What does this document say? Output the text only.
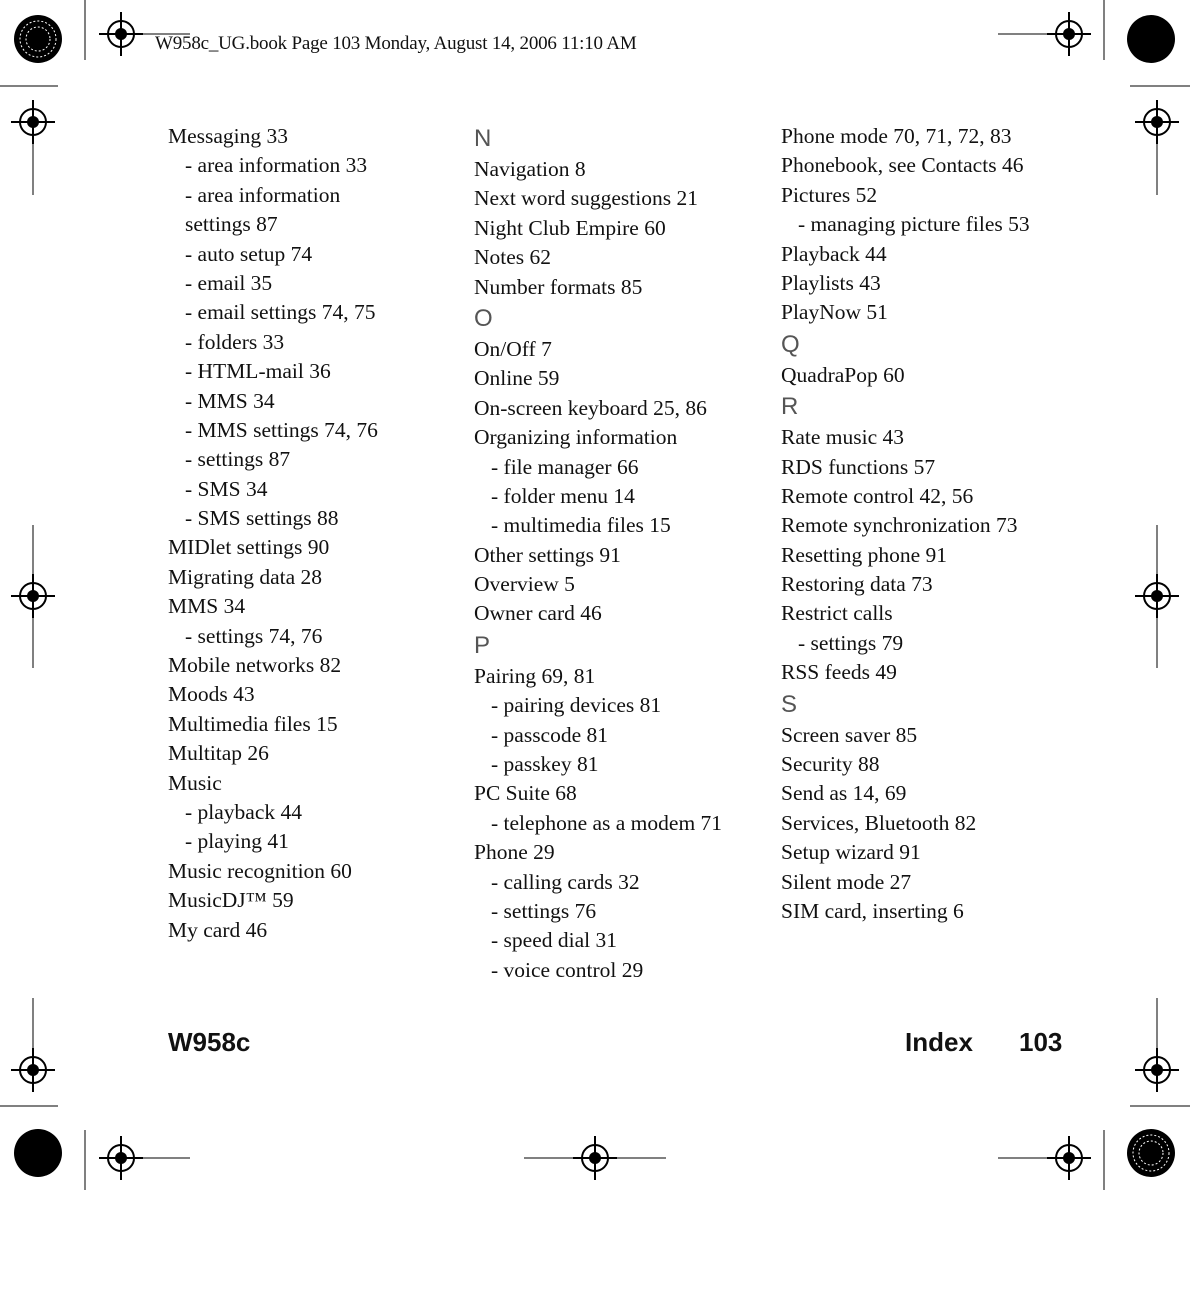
W958c_UG.book Page 103 Monday, August 14, 2006 11:10 AM
Messaging 33
- area information 33
- area information
settings 87
- auto setup 74
- email 35
- email settings 74, 75
- folders 33
- HTML-mail 36
- MMS 34
- MMS settings 74, 76
- settings 87
- SMS 34
- SMS settings 88
MIDlet settings 90
Migrating data 28
MMS 34
- settings 74, 76
Mobile networks 82
Moods 43
Multimedia files 15
Multitap 26
Music
- playback 44
- playing 41
Music recognition 60
MusicDJ™ 59
My card 46
N
Navigation 8
Next word suggestions 21
Night Club Empire 60
Notes 62
Number formats 85
O
On/Off 7
Online 59
On-screen keyboard 25, 86
Organizing information
- file manager 66
- folder menu 14
- multimedia files 15
Other settings 91
Overview 5
Owner card 46
P
Pairing 69, 81
- pairing devices 81
- passcode 81
- passkey 81
PC Suite 68
- telephone as a modem 71
Phone 29
- calling cards 32
- settings 76
- speed dial 31
- voice control 29
Phone mode 70, 71, 72, 83
Phonebook, see Contacts 46
Pictures 52
- managing picture files 53
Playback 44
Playlists 43
PlayNow 51
Q
QuadraPop 60
R
Rate music 43
RDS functions 57
Remote control 42, 56
Remote synchronization 73
Resetting phone 91
Restoring data 73
Restrict calls
- settings 79
RSS feeds 49
S
Screen saver 85
Security 88
Send as 14, 69
Services, Bluetooth 82
Setup wizard 91
Silent mode 27
SIM card, inserting 6
W958c	Index 103
